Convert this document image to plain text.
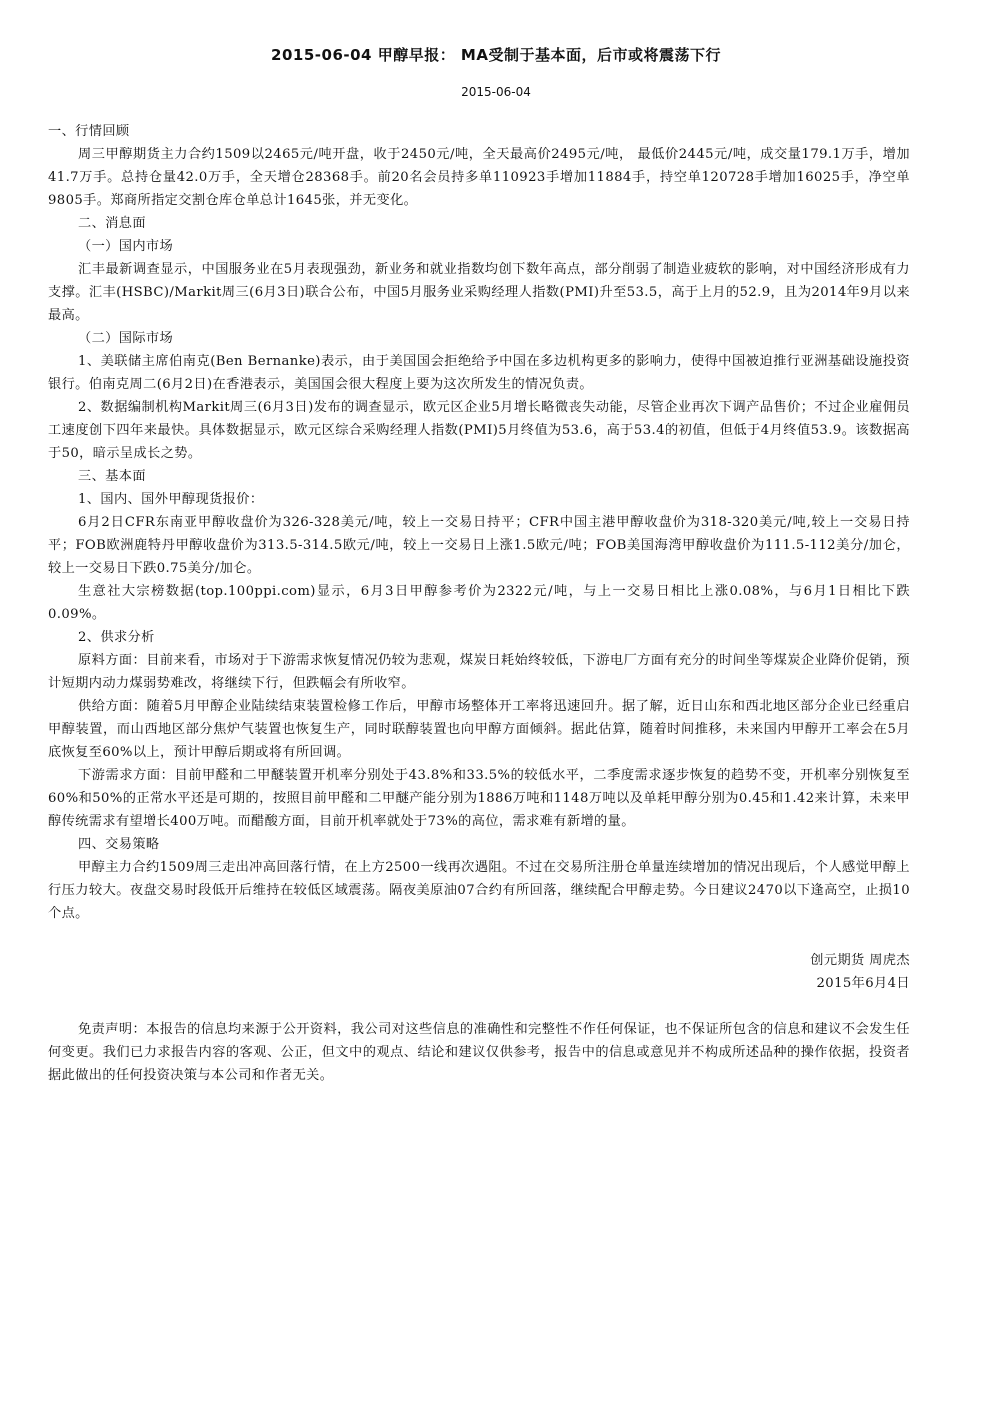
2015-06-04 甲醇早报： MA受制于基本面，后市或将震荡下行
2015-06-04

一、行情回顾

周三甲醇期货主力合约1509以2465元/吨开盘，收于2450元/吨，全天最高价2495元/吨， 最低价2445元/吨，成交量179.1万手，增加41.7万手。总持仓量42.0万手，全天增仓28368手。前20名会员持多单110923手增加11884手，持空单120728手增加16025手，净空单9805手。郑商所指定交割仓库仓单总计1645张，并无变化。

二、消息面

（一）国内市场

汇丰最新调查显示，中国服务业在5月表现强劲，新业务和就业指数均创下数年高点，部分削弱了制造业疲软的影响，对中国经济形成有力支撑。汇丰(HSBC)/Markit周三(6月3日)联合公布，中国5月服务业采购经理人指数(PMI)升至53.5，高于上月的52.9，且为2014年9月以来最高。

（二）国际市场

1、美联储主席伯南克(Ben Bernanke)表示，由于美国国会拒绝给予中国在多边机构更多的影响力，使得中国被迫推行亚洲基础设施投资银行。伯南克周二(6月2日)在香港表示，美国国会很大程度上要为这次所发生的情况负责。

2、数据编制机构Markit周三(6月3日)发布的调查显示，欧元区企业5月增长略微丧失动能，尽管企业再次下调产品售价；不过企业雇佣员工速度创下四年来最快。具体数据显示，欧元区综合采购经理人指数(PMI)5月终值为53.6，高于53.4的初值，但低于4月终值53.9。该数据高于50，暗示呈成长之势。

三、基本面

1、国内、国外甲醇现货报价：

6月2日CFR东南亚甲醇收盘价为326-328美元/吨，较上一交易日持平；CFR中国主港甲醇收盘价为318-320美元/吨,较上一交易日持平；FOB欧洲鹿特丹甲醇收盘价为313.5-314.5欧元/吨，较上一交易日上涨1.5欧元/吨；FOB美国海湾甲醇收盘价为111.5-112美分/加仑，较上一交易日下跌0.75美分/加仑。

生意社大宗榜数据(top.100ppi.com)显示，6月3日甲醇参考价为2322元/吨，与上一交易日相比上涨0.08%，与6月1日相比下跌0.09%。

2、供求分析

原料方面：目前来看，市场对于下游需求恢复情况仍较为悲观，煤炭日耗始终较低，下游电厂方面有充分的时间坐等煤炭企业降价促销，预计短期内动力煤弱势难改，将继续下行，但跌幅会有所收窄。

供给方面：随着5月甲醇企业陆续结束装置检修工作后，甲醇市场整体开工率将迅速回升。据了解，近日山东和西北地区部分企业已经重启甲醇装置，而山西地区部分焦炉气装置也恢复生产，同时联醇装置也向甲醇方面倾斜。据此估算，随着时间推移，未来国内甲醇开工率会在5月底恢复至60%以上，预计甲醇后期或将有所回调。

下游需求方面：目前甲醛和二甲醚装置开机率分别处于43.8%和33.5%的较低水平，二季度需求逐步恢复的趋势不变，开机率分别恢复至60%和50%的正常水平还是可期的，按照目前甲醛和二甲醚产能分别为1886万吨和1148万吨以及单耗甲醇分别为0.45和1.42来计算，未来甲醇传统需求有望增长400万吨。而醋酸方面，目前开机率就处于73%的高位，需求难有新增的量。

四、交易策略

甲醇主力合约1509周三走出冲高回落行情，在上方2500一线再次遇阻。不过在交易所注册仓单量连续增加的情况出现后，个人感觉甲醇上行压力较大。夜盘交易时段低开后维持在较低区域震荡。隔夜美原油07合约有所回落，继续配合甲醇走势。今日建议2470以下逢高空，止损10个点。

创元期货 周虎杰
2015年6月4日
免责声明：本报告的信息均来源于公开资料，我公司对这些信息的准确性和完整性不作任何保证，也不保证所包含的信息和建议不会发生任何变更。我们已力求报告内容的客观、公正，但文中的观点、结论和建议仅供参考，报告中的信息或意见并不构成所述品种的操作依据，投资者据此做出的任何投资决策与本公司和作者无关。
